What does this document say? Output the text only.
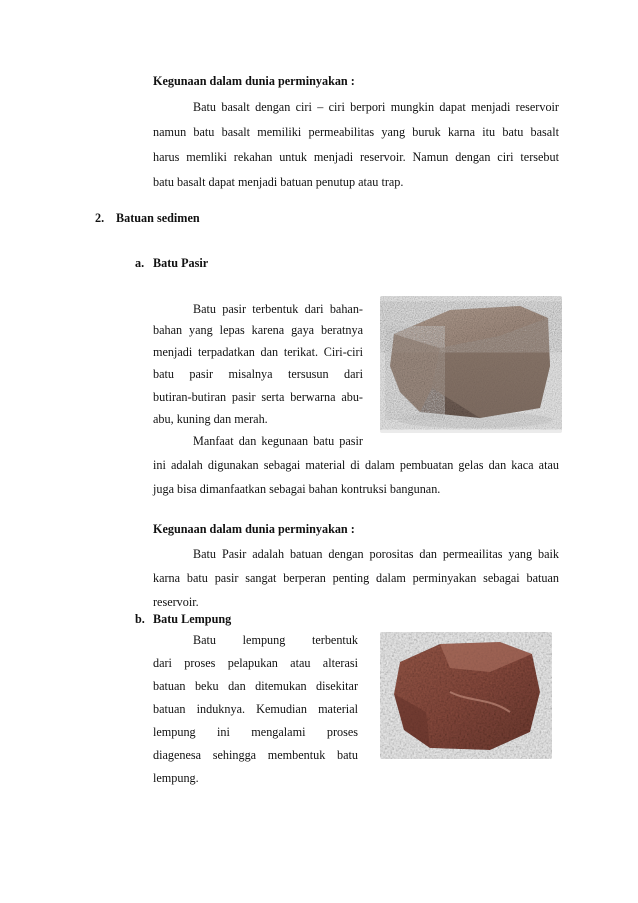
Kegunaan dalam dunia perminyakan :
Batu basalt dengan ciri – ciri berpori mungkin dapat menjadi reservoir
namun batu basalt memiliki permeabilitas yang buruk karna itu batu basalt
harus memliki rekahan untuk menjadi reservoir. Namun dengan ciri tersebut
batu basalt dapat menjadi batuan penutup atau trap.
2. Batuan sedimen
a. Batu Pasir
Batu pasir terbentuk dari bahan-
bahan yang lepas karena gaya beratnya
menjadi terpadatkan dan terikat. Ciri-ciri
batu pasir misalnya tersusun dari
butiran-butiran pasir serta berwarna abu-
abu, kuning dan merah.
Manfaat dan kegunaan batu pasir
ini adalah digunakan sebagai material di dalam pembuatan gelas dan kaca atau
juga bisa dimanfaatkan sebagai bahan kontruksi bangunan.
Kegunaan dalam dunia perminyakan :
Batu Pasir adalah batuan dengan porositas dan permeailitas yang baik
karna batu pasir sangat berperan penting dalam perminyakan sebagai batuan
reservoir.
b. Batu Lempung
Batu lempung terbentuk
dari proses pelapukan atau alterasi
batuan beku dan ditemukan disekitar
batuan induknya. Kemudian material
lempung ini mengalami proses
diagenesa sehingga membentuk batu
lempung.
